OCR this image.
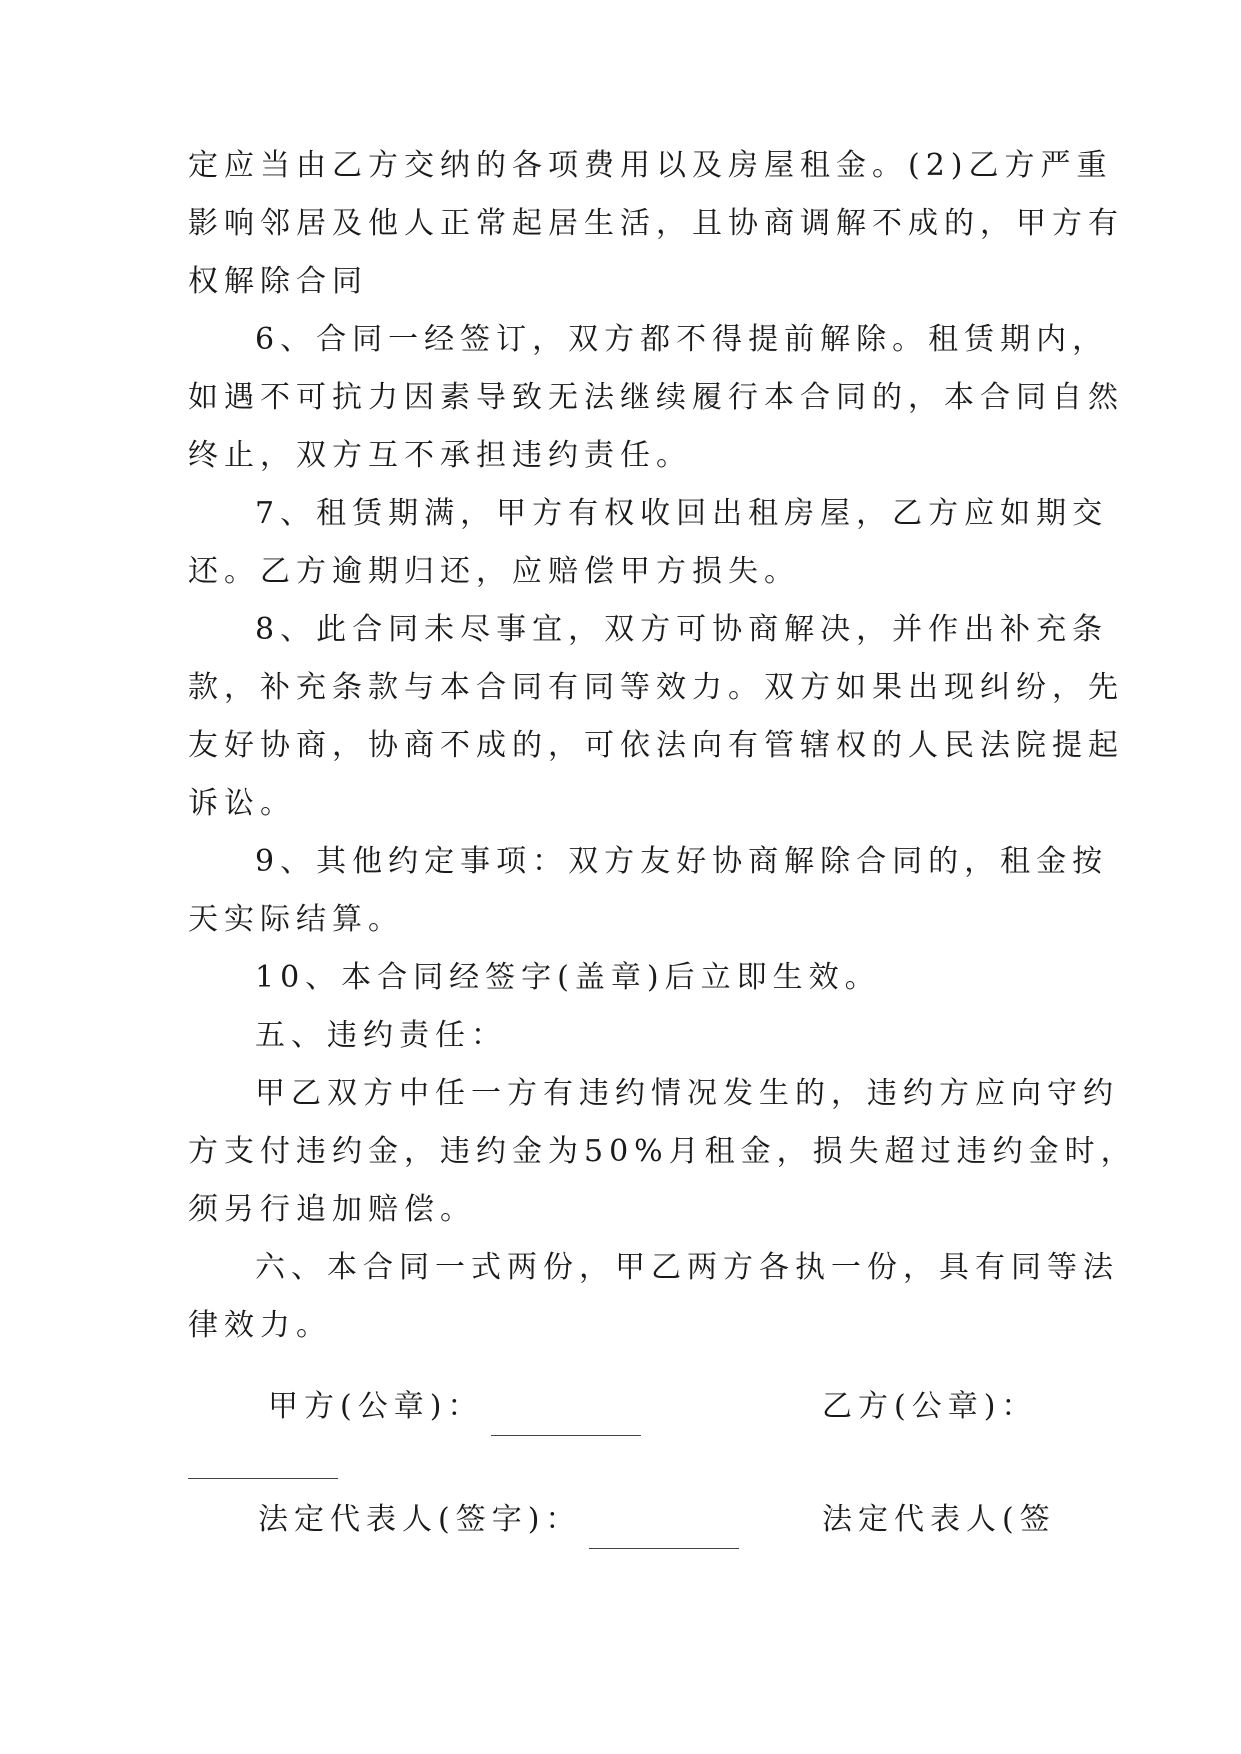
定应当由乙方交纳的各项费用以及房屋租金。(2)乙方严重
影响邻居及他人正常起居生活，且协商调解不成的，甲方有
权解除合同
6、合同一经签订，双方都不得提前解除。租赁期内，
如遇不可抗力因素导致无法继续履行本合同的，本合同自然
终止，双方互不承担违约责任。
7、租赁期满，甲方有权收回出租房屋，乙方应如期交
还。乙方逾期归还，应赔偿甲方损失。
8、此合同未尽事宜，双方可协商解决，并作出补充条
款，补充条款与本合同有同等效力。双方如果出现纠纷，先
友好协商，协商不成的，可依法向有管辖权的人民法院提起
诉讼。
9、其他约定事项：双方友好协商解除合同的，租金按
天实际结算。
10、本合同经签字(盖章)后立即生效。
五、违约责任：
甲乙双方中任一方有违约情况发生的，违约方应向守约
方支付违约金，违约金为50%月租金，损失超过违约金时，
须另行追加赔偿。
六、本合同一式两份，甲乙两方各执一份，具有同等法
律效力。
甲方(公章)：	乙方(公章)：
法定代表人(签字)：	法定代表人(签
